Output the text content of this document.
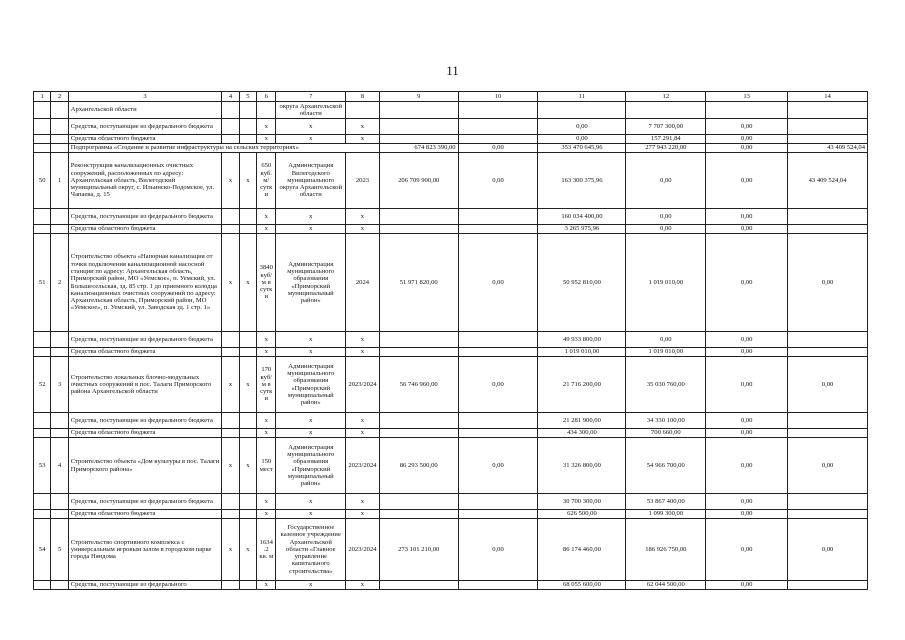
11
1	2	3	4	5	6	7	8	9	10	11	12	13	14
		Архангельской области				округа Архангельской области							
		Средства, поступающие из федерального бюджета			х	х	х			0,00	7 707 300,00	0,00	
		Средства областного бюджета			х	х	х			0,00	157 291,84	0,00	
		Подпрограмма «Создание и развитие инфраструктуры на сельских территориях»						674 823 390,00	0,00	353 470 645,96	277 943 220,00	0,00	43 409 524,04
50	1	Реконструкция канализационных очистных сооружений, расположенных по адресу: Архангельская область, Вилегодский муниципальный округ, с. Ильинско-Подомское, ул. Чапаева, д. 15	х	х	650 куб. м/сутки	Администрация Вилегодского муниципального округа Архангельской области	2023	206 709 900,00	0,00	163 300 375,96	0,00	0,00	43 409 524,04
		Средства, поступающие из федерального бюджета			х	х	х			160 034 400,00	0,00	0,00	
		Средства областного бюджета			х	х	х			3 265 975,96	0,00	0,00	
51	2	Строительство объекта «Напорная канализация от точки подключения канализационной насосной станции по адресу: Архангельская область, Приморский район, МО «Уемское», п. Уемский, ул. Большесельская, зд. 85 стр. 1 до приемного колодца канализационных очистных сооружений по адресу: Архангельская область, Приморский район, МО «Уемское», п. Уемский, ул. Заводская зд. 1 стр. 1»	х	х	3840 куб/м в сутки	Администрация муниципального образования «Приморский муниципальный район»	2024	51 971 820,00	0,00	50 952 810,00	1 019 010,00	0,00	0,00
		Средства, поступающие из федерального бюджета			х	х	х			49 933 800,00	0,00	0,00	
		Средства областного бюджета			х	х	х			1 019 010,00	1 019 010,00	0,00	
52	3	Строительство локальных блочно-модульных очистных сооружений в пос. Талаги Приморского района Архангельской области	х	х	170 куб/м в сутки	Администрация муниципального образования «Приморский муниципальный район»	2023/2024	56 746 960,00	0,00	21 716 200,00	35 030 760,00	0,00	0,00
		Средства, поступающие из федерального бюджета			х	х	х			21 281 900,00	34 330 100,00	0,00	
		Средства областного бюджета			х	х	х			434 300,00	700 660,00	0,00	
53	4	Строительство объекта «Дом культуры в пос. Талаги Приморского района»	х	х	150 мест	Администрация муниципального образования «Приморский муниципальный район»	2023/2024	86 293 500,00	0,00	31 326 800,00	54 966 700,00	0,00	0,00
		Средства, поступающие из федерального бюджета			х	х	х			30 700 300,00	53 867 400,00	0,00	
		Средства областного бюджета			х	х	х			626 500,00	1 099 300,00	0,00	
54	5	Строительство спортивного комплекса с универсальным игровым залом в городском парке города Няндома	х	х	1634.2 кв. м	Государственное казенное учреждение Архангельской области «Главное управление капитального строительства»	2023/2024	273 101 210,00	0,00	86 174 460,00	186 926 750,00	0,00	0,00
		Средства, поступающие из федерального			х	х	х			68 055 600,00	62 044 500,00	0,00	
